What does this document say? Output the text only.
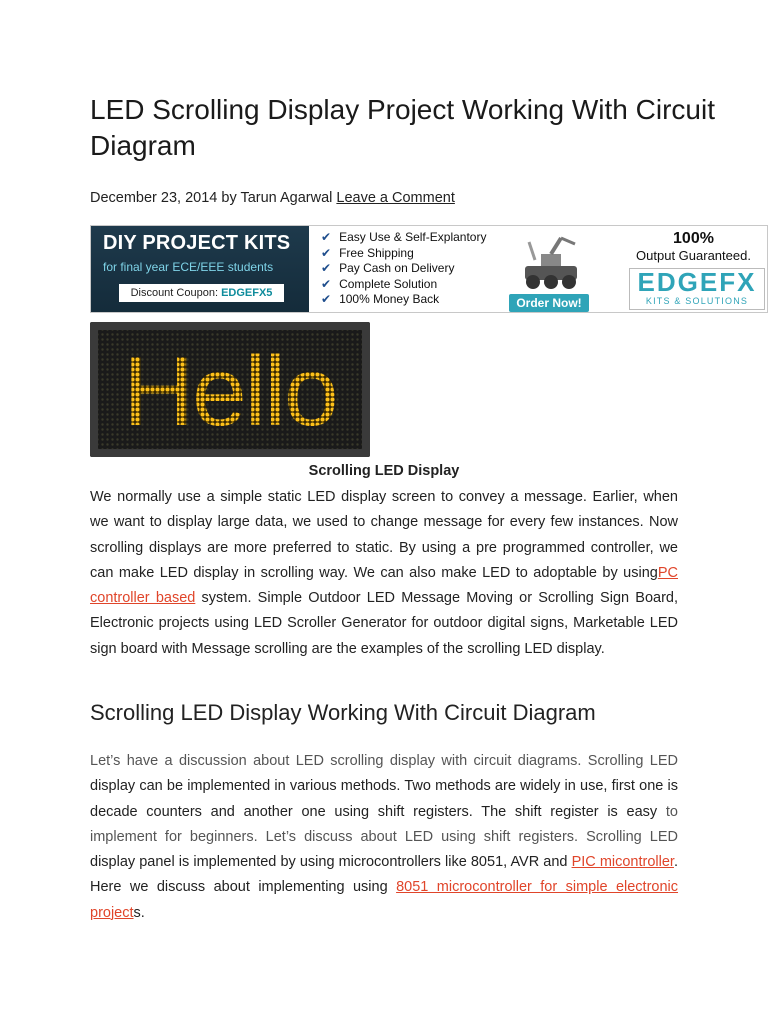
LED Scrolling Display Project Working With Circuit Diagram
December 23, 2014 by Tarun Agarwal Leave a Comment
DIY PROJECT KITS
for final year ECE/EEE students
Discount Coupon: EDGEFX5
✔ Easy Use & Self-Explantory
✔ Free Shipping
✔ Pay Cash on Delivery
✔ Complete Solution
✔ 100% Money Back	Order Now!
100%
Output Guaranteed.
EDGEFX
KITS & SOLUTIONS
Scrolling LED Display

We normally use a simple static LED display screen to convey a message. Earlier, when we want to display large data, we used to change message for every few instances. Now scrolling displays are more preferred to static. By using a pre programmed controller, we can make LED display in scrolling way. We can also make LED to adoptable by usingPC controller based system. Simple Outdoor LED Message Moving or Scrolling Sign Board, Electronic projects using LED Scroller Generator for outdoor digital signs, Marketable LED sign board with Message scrolling are the examples of the scrolling LED display.

Scrolling LED Display Working With Circuit Diagram

Let’s have a discussion about LED scrolling display with circuit diagrams. Scrolling LED display can be implemented in various methods. Two methods are widely in use, first one is decade counters and another one using shift registers. The shift register is easy to implement for beginners. Let’s discuss about LED using shift registers. Scrolling LED display panel is implemented by using microcontrollers like 8051, AVR and PIC micontroller. Here we discuss about implementing using 8051 microcontroller for simple electronic projects.
